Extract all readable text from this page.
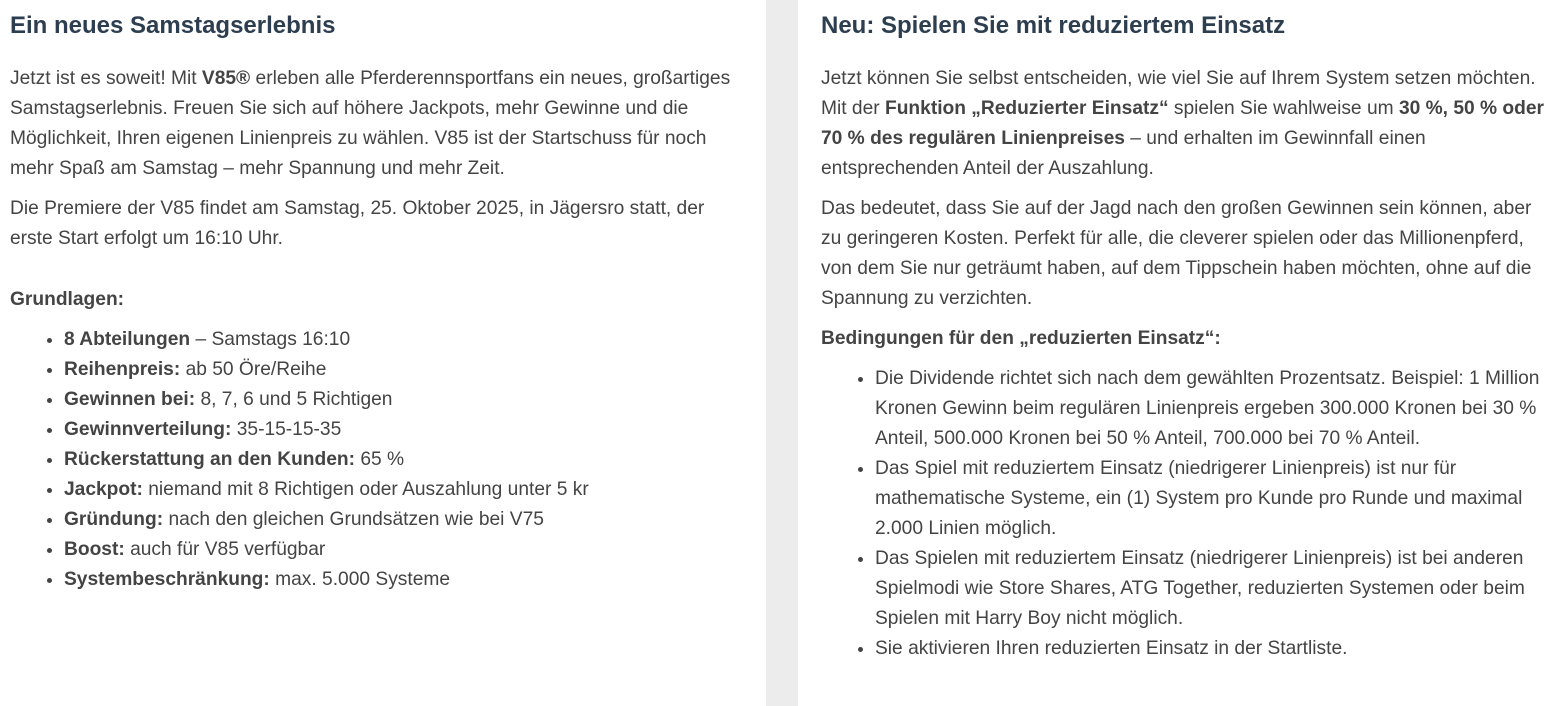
Ein neues Samstagserlebnis

Jetzt ist es soweit! Mit V85® erleben alle Pferderennsportfans ein neues, großartiges Samstagserlebnis. Freuen Sie sich auf höhere Jackpots, mehr Gewinne und die Möglichkeit, Ihren eigenen Linienpreis zu wählen. V85 ist der Startschuss für noch mehr Spaß am Samstag – mehr Spannung und mehr Zeit.

Die Premiere der V85 findet am Samstag, 25. Oktober 2025, in Jägersro statt, der erste Start erfolgt um 16:10 Uhr.

Grundlagen:
• 8 Abteilungen – Samstags 16:10
• Reihenpreis: ab 50 Öre/Reihe
• Gewinnen bei: 8, 7, 6 und 5 Richtigen
• Gewinnverteilung: 35-15-15-35
• Rückerstattung an den Kunden: 65 %
• Jackpot: niemand mit 8 Richtigen oder Auszahlung unter 5 kr
• Gründung: nach den gleichen Grundsätzen wie bei V75
• Boost: auch für V85 verfügbar
• Systembeschränkung: max. 5.000 Systeme
Neu: Spielen Sie mit reduziertem Einsatz

Jetzt können Sie selbst entscheiden, wie viel Sie auf Ihrem System setzen möchten. Mit der Funktion „Reduzierter Einsatz“ spielen Sie wahlweise um 30 %, 50 % oder 70 % des regulären Linienpreises – und erhalten im Gewinnfall einen entsprechenden Anteil der Auszahlung.

Das bedeutet, dass Sie auf der Jagd nach den großen Gewinnen sein können, aber zu geringeren Kosten. Perfekt für alle, die cleverer spielen oder das Millionenpferd, von dem Sie nur geträumt haben, auf dem Tippschein haben möchten, ohne auf die Spannung zu verzichten.

Bedingungen für den „reduzierten Einsatz“:
• Die Dividende richtet sich nach dem gewählten Prozentsatz. Beispiel: 1 Million Kronen Gewinn beim regulären Linienpreis ergeben 300.000 Kronen bei 30 % Anteil, 500.000 Kronen bei 50 % Anteil, 700.000 bei 70 % Anteil.
• Das Spiel mit reduziertem Einsatz (niedrigerer Linienpreis) ist nur für mathematische Systeme, ein (1) System pro Kunde pro Runde und maximal 2.000 Linien möglich.
• Das Spielen mit reduziertem Einsatz (niedrigerer Linienpreis) ist bei anderen Spielmodi wie Store Shares, ATG Together, reduzierten Systemen oder beim Spielen mit Harry Boy nicht möglich.
• Sie aktivieren Ihren reduzierten Einsatz in der Startliste.
